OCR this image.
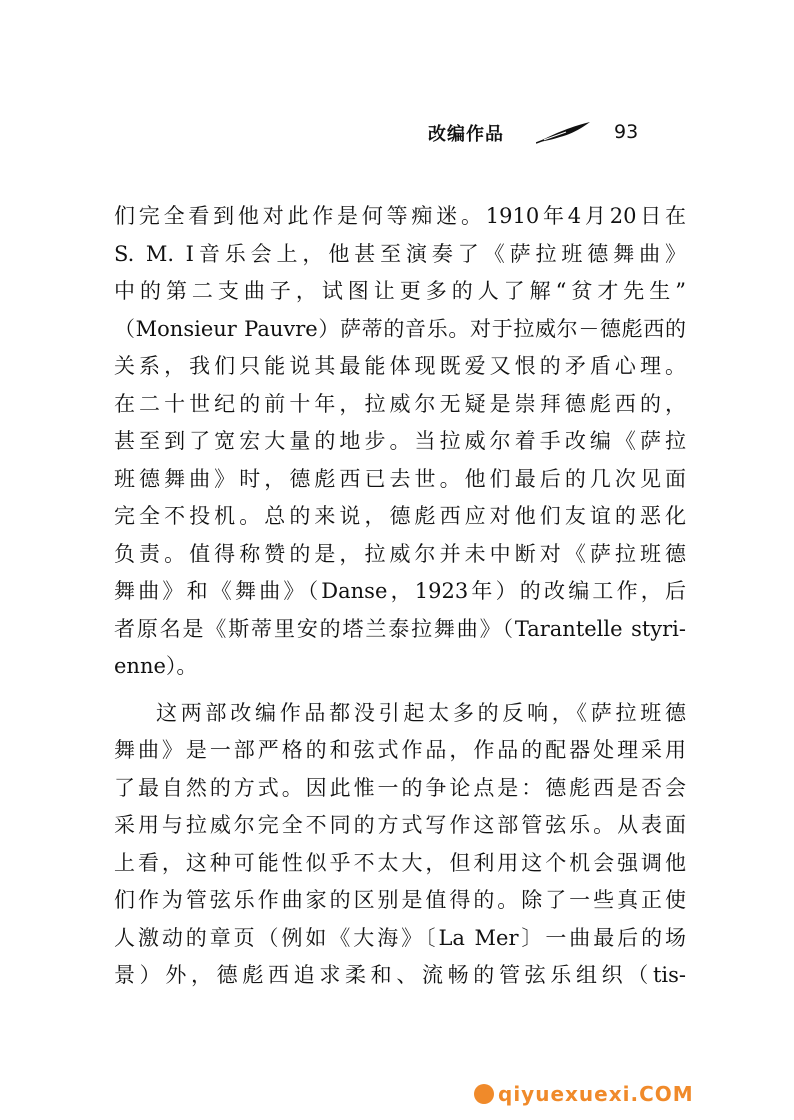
改编作品	93
们完全看到他对此作是何等痴迷。1910年4月20日在
S. M. I音乐会上，他甚至演奏了《萨拉班德舞曲》
中的第二支曲子，试图让更多的人了解“贫才先生”
（Monsieur Pauvre）萨蒂的音乐。对于拉威尔－德彪西的
关系，我们只能说其最能体现既爱又恨的矛盾心理。
在二十世纪的前十年，拉威尔无疑是崇拜德彪西的，
甚至到了宽宏大量的地步。当拉威尔着手改编《萨拉
班德舞曲》时，德彪西已去世。他们最后的几次见面
完全不投机。总的来说，德彪西应对他们友谊的恶化
负责。值得称赞的是，拉威尔并未中断对《萨拉班德
舞曲》和《舞曲》（Danse，1923年）的改编工作，后
者原名是《斯蒂里安的塔兰泰拉舞曲》（Tarantelle styri-
enne）。
这两部改编作品都没引起太多的反响，《萨拉班德
舞曲》是一部严格的和弦式作品，作品的配器处理采用
了最自然的方式。因此惟一的争论点是：德彪西是否会
采用与拉威尔完全不同的方式写作这部管弦乐。从表面
上看，这种可能性似乎不太大，但利用这个机会强调他
们作为管弦乐作曲家的区别是值得的。除了一些真正使
人激动的章页（例如《大海》〔La Mer〕一曲最后的场
景）外，德彪西追求柔和、流畅的管弦乐组织（tis-
qiyuexuexi.COM
